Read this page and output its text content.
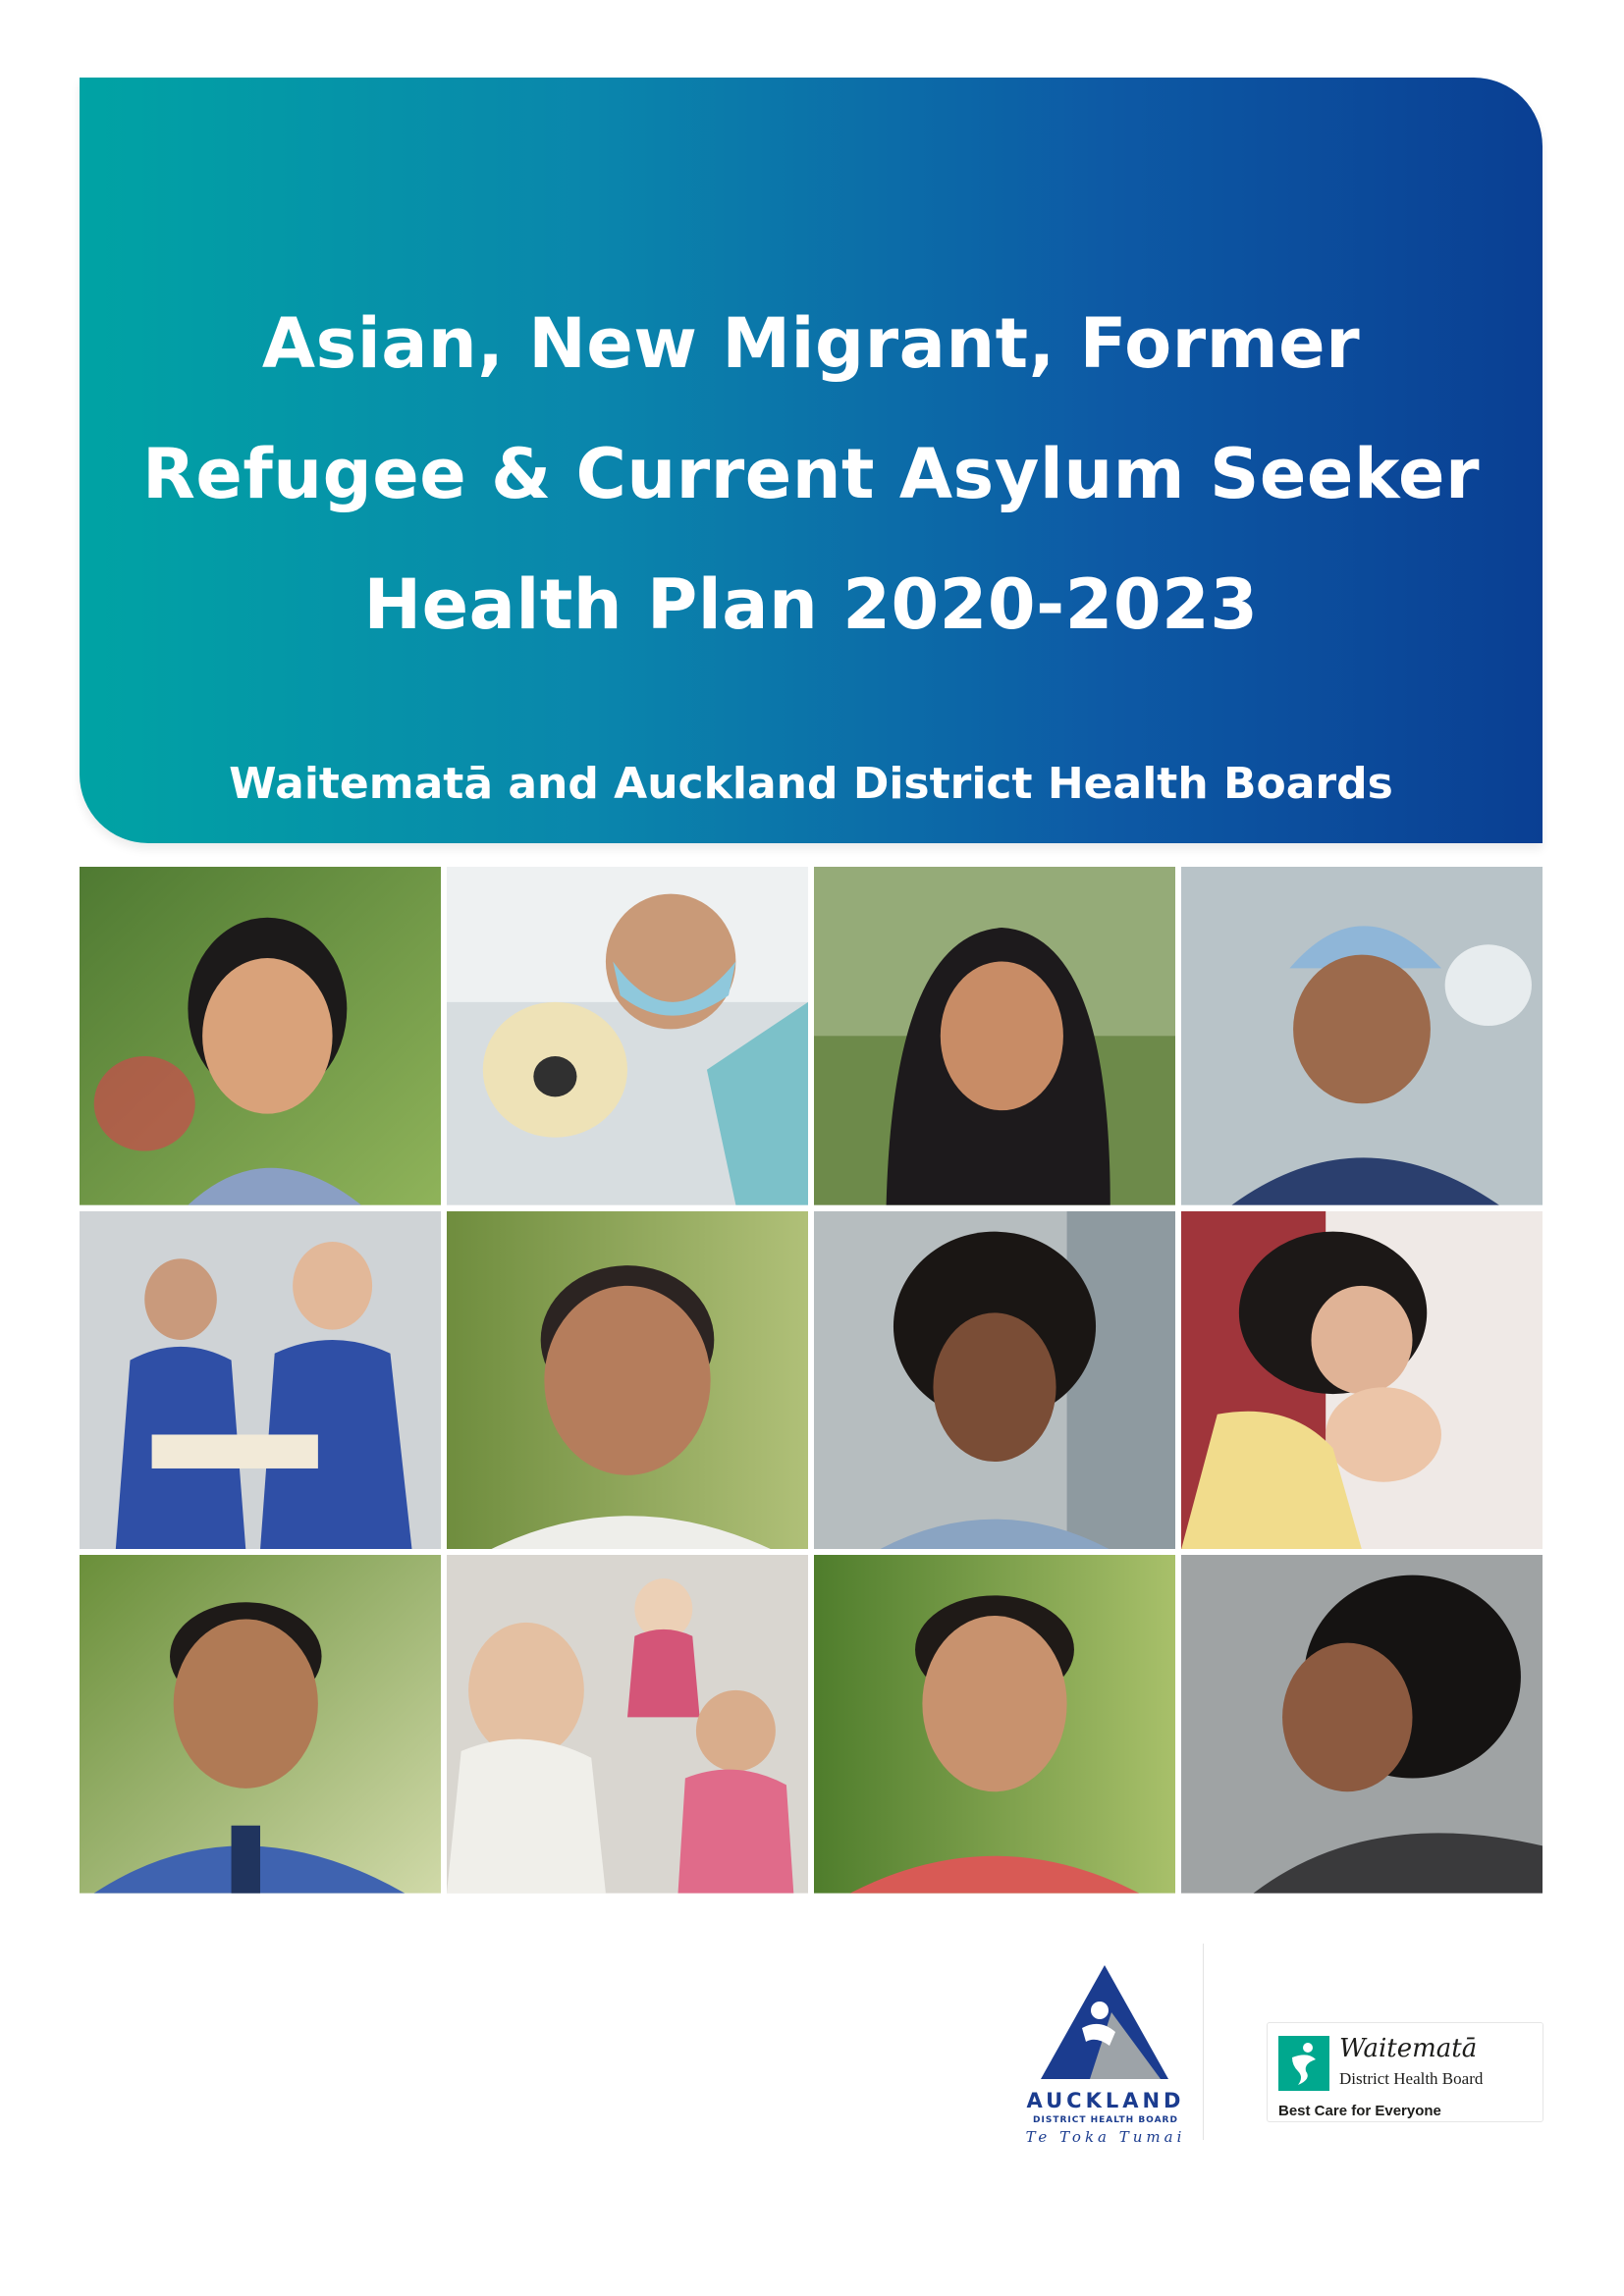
Asian, New Migrant, Former
Refugee & Current Asylum Seeker
Health Plan 2020-2023

Waitematā and Auckland District Health Boards

AUCKLAND

DISTRICT HEALTH BOARD

Te Toka Tumai

Waitematā

District Health Board

Best Care for Everyone
